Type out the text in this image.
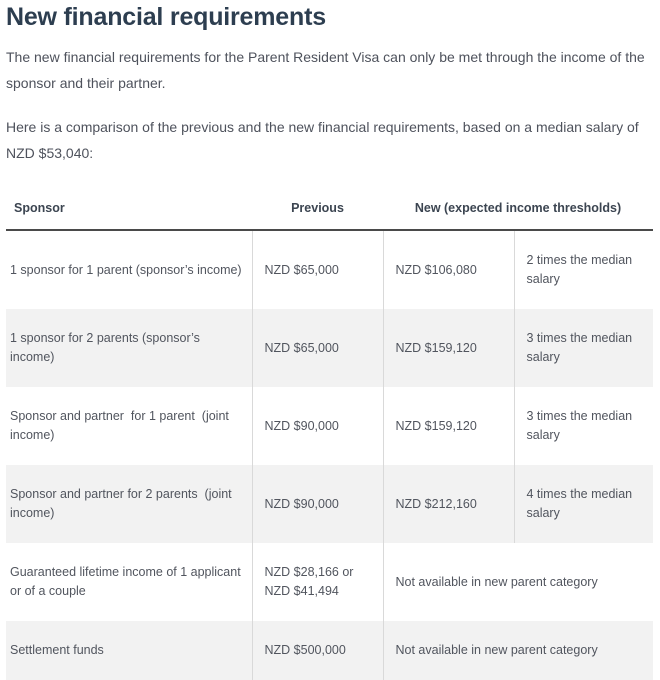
New financial requirements

The new financial requirements for the Parent Resident Visa can only be met through the income of the sponsor and their partner.

Here is a comparison of the previous and the new financial requirements, based on a median salary of NZD $53,040:

Sponsor	Previous	New (expected income thresholds)	
1 sponsor for 1 parent (sponsor’s income)	NZD $65,000	NZD $106,080	2 times the median salary
1 sponsor for 2 parents (sponsor’s income)	NZD $65,000	NZD $159,120	3 times the median salary
Sponsor and partner  for 1 parent  (joint income)	NZD $90,000	NZD $159,120	3 times the median salary
Sponsor and partner for 2 parents  (joint  income)	NZD $90,000	NZD $212,160	4 times the median salary
Guaranteed lifetime income of 1 applicant or of a couple	NZD $28,166 or NZD $41,494	Not available in new parent category	
Settlement funds	NZD $500,000	Not available in new parent category	
